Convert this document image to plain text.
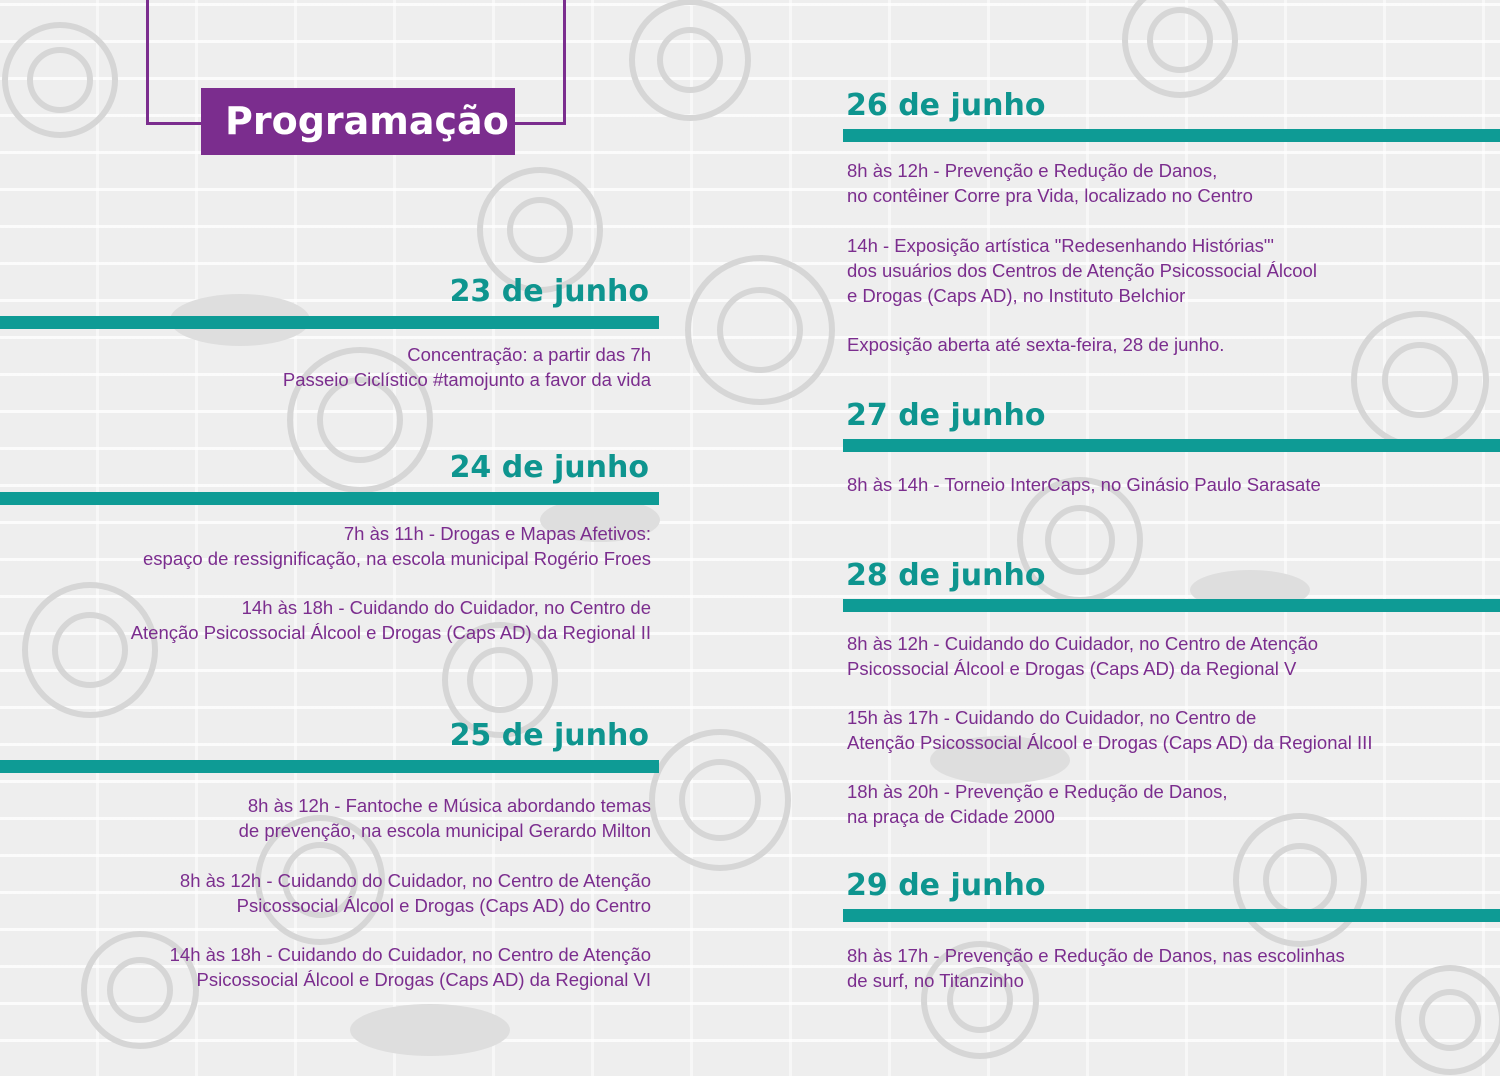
Programação
23 de junho
Concentração: a partir das 7h
Passeio Ciclístico #tamojunto a favor da vida
24 de junho
7h às 11h - Drogas e Mapas Afetivos:
espaço de ressignificação, na escola municipal Rogério Froes
14h às 18h - Cuidando do Cuidador, no Centro de
Atenção Psicossocial Álcool e Drogas (Caps AD) da Regional II
25 de junho
8h às 12h - Fantoche e Música abordando temas
de prevenção, na escola municipal Gerardo Milton
8h às 12h - Cuidando do Cuidador, no Centro de Atenção
Psicossocial Álcool e Drogas (Caps AD) do Centro
14h às 18h - Cuidando do Cuidador, no Centro de Atenção
Psicossocial Álcool e Drogas (Caps AD) da Regional VI
26 de junho
8h às 12h - Prevenção e Redução de Danos,
no contêiner Corre pra Vida, localizado no Centro
14h - Exposição artística "Redesenhando Histórias"'
dos usuários dos Centros de Atenção Psicossocial Álcool
e Drogas (Caps AD), no Instituto Belchior
Exposição aberta até sexta-feira, 28 de junho.
27 de junho
8h às 14h - Torneio InterCaps, no Ginásio Paulo Sarasate
28 de junho
8h às 12h - Cuidando do Cuidador, no Centro de Atenção
Psicossocial Álcool e Drogas (Caps AD) da Regional V
15h às 17h - Cuidando do Cuidador, no Centro de
Atenção Psicossocial Álcool e Drogas (Caps AD) da Regional III
18h às 20h - Prevenção e Redução de Danos,
na praça de Cidade 2000
29 de junho
8h às 17h - Prevenção e Redução de Danos, nas escolinhas
de surf, no Titanzinho
